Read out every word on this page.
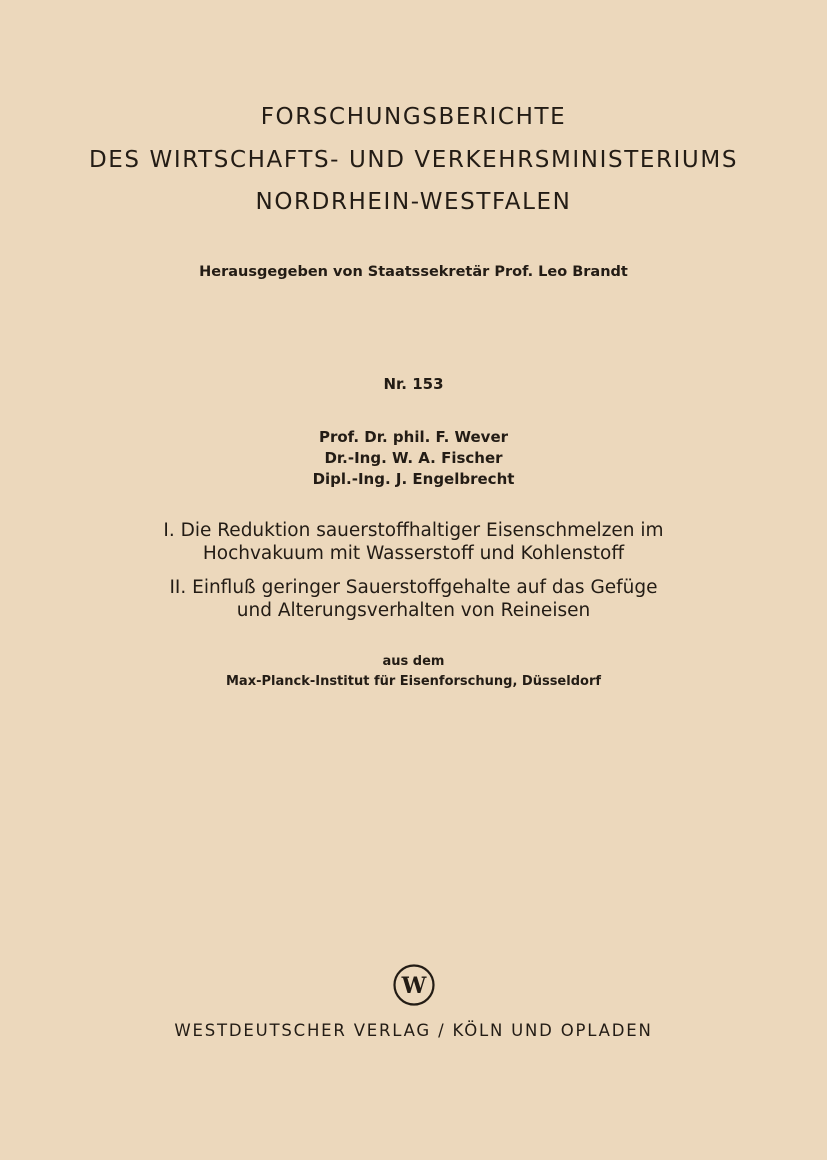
FORSCHUNGSBERICHTE
DES WIRTSCHAFTS- UND VERKEHRSMINISTERIUMS
NORDRHEIN-WESTFALEN
Herausgegeben von Staatssekretär Prof. Leo Brandt
Nr. 153
Prof. Dr. phil. F. Wever
Dr.-Ing. W. A. Fischer
Dipl.-Ing. J. Engelbrecht
I. Die Reduktion sauerstoffhaltiger Eisenschmelzen im
Hochvakuum mit Wasserstoff und Kohlenstoff
II. Einfluß geringer Sauerstoffgehalte auf das Gefüge
und Alterungsverhalten von Reineisen
aus dem
Max-Planck-Institut für Eisenforschung, Düsseldorf
W
WESTDEUTSCHER VERLAG / KÖLN UND OPLADEN
